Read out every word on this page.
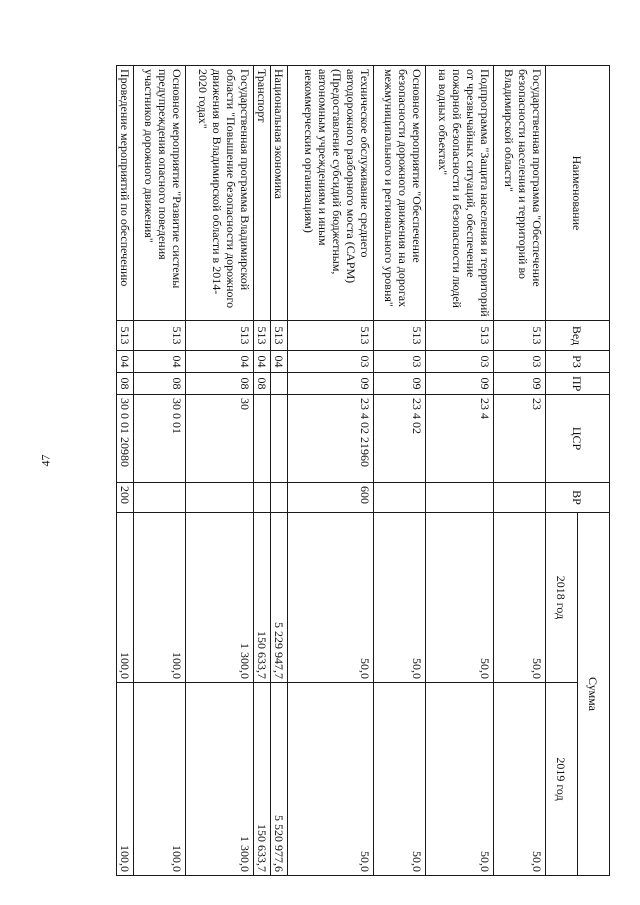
47
Наименование	Вед	РЗ	ПР	ЦСР	ВР	Сумма	
						2018 год	2019 год
Государственная программа "Обеспечение безопасности населения и территорий во Владимирской области"	513	03	09	23		50,0	50,0
Подпрограмма "Защита населения и территорий от чрезвычайных ситуаций, обеспечение пожарной безопасности и безопасности людей на водных объектах"	513	03	09	23 4		50,0	50,0
Основное мероприятие "Обеспечение безопасности дорожного движения на дорогах межмуниципального и регионального уровня"	513	03	09	23 4 02		50,0	50,0
Техническое обслуживание среднего автодорожного разборного моста (САРМ) (Предоставление субсидий бюджетным, автономным учреждениям и иным некоммерческим организациям)	513	03	09	23 4 02 21960	600	50,0	50,0
Национальная экономика	513	04				5 229 947,7	5 520 977,6
Транспорт	513	04	08			150 633,7	150 633,7
Государственная программа Владимирской области "Повышение безопасности дорожного движения во Владимирской области в 2014-2020 годах"	513	04	08	30		1 300,0	1 300,0
Основное мероприятие "Развитие системы предупреждения опасного поведения участников дорожного движения"	513	04	08	30 0 01		100,0	100,0
Проведение мероприятий по обеспечению	513	04	08	30 0 01 20980	200	100,0	100,0
